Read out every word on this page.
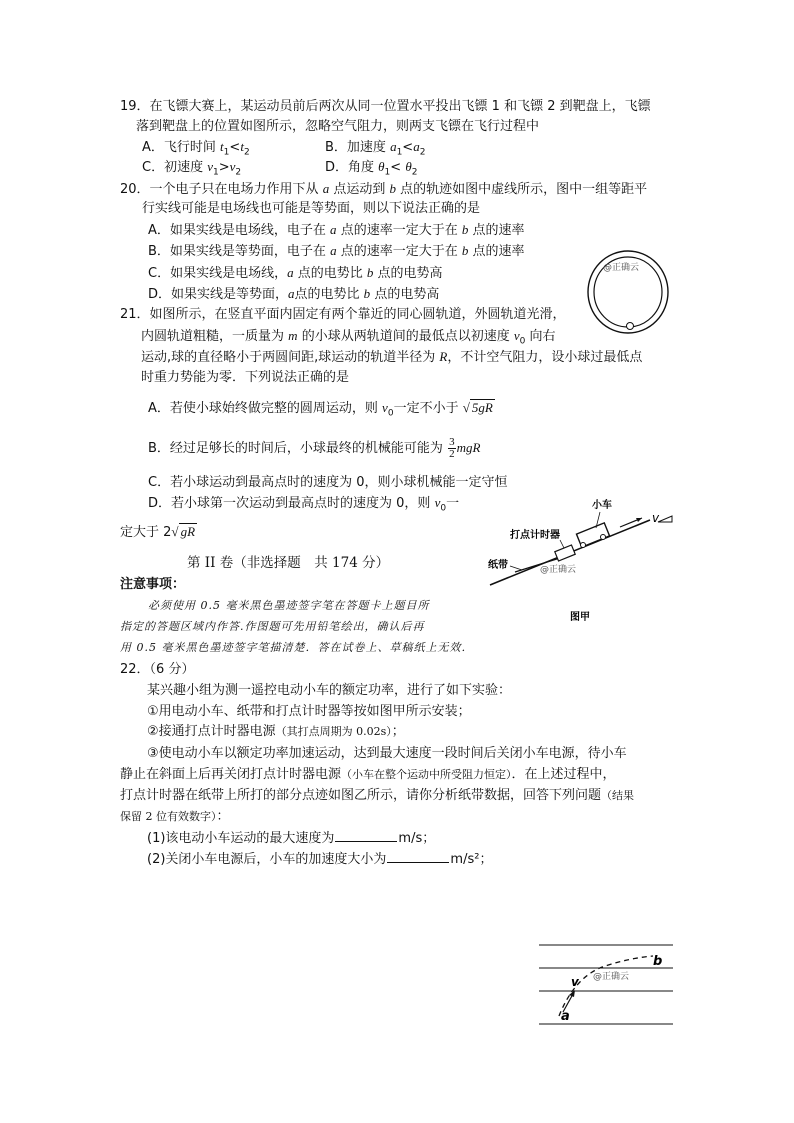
19．在飞镖大赛上，某运动员前后两次从同一位置水平投出飞镖 1 和飞镖 2 到靶盘上，飞镖
落到靶盘上的位置如图所示，忽略空气阻力，则两支飞镖在飞行过程中
A．飞行时间 $t_1<t_2$	B．加速度 $a_1<a_2$
C．初速度 $v_1>v_2$	D．角度 $\theta_1< \theta_2$
20．一个电子只在电场力作用下从 a 点运动到 b 点的轨迹如图中虚线所示，图中一组等距平
行实线可能是电场线也可能是等势面，则以下说法正确的是
A．如果实线是电场线，电子在 a 点的速率一定大于在 b 点的速率
B．如果实线是等势面，电子在 a 点的速率一定大于在 b 点的速率
C．如果实线是电场线，a 点的电势比 b 点的电势高
D．如果实线是等势面，a点的电势比 b 点的电势高
@正确云
21．如图所示，在竖直平面内固定有两个靠近的同心圆轨道，外圆轨道光滑，
内圆轨道粗糙，一质量为 m 的小球从两轨道间的最低点以初速度 $v_0$ 向右
运动,球的直径略小于两圆间距,球运动的轨道半径为 R，不计空气阻力，设小球过最低点
时重力势能为零．下列说法正确的是
A．若使小球始终做完整的圆周运动，则 $v_0$一定不小于 √ 5gR
B．经过足够长的时间后，小球最终的机械能可能为 $\frac{3}{2}$ mgR
C．若小球运动到最高点时的速度为 0，则小球机械能一定守恒
D．若小球第一次运动到最高点时的速度为 0，则 $v_0$一
定大于 2√ gR
v
小车
打点计时器
纸带	@正确云
图甲
第 II 卷（非选择题　共 174 分）
注意事项：
必须使用 0.5 毫米黑色墨迹签字笔在答题卡上题目所
指定的答题区域内作答.作图题可先用铅笔绘出，确认后再
用 0.5 毫米黑色墨迹签字笔描清楚．答在试卷上、草稿纸上无效．
22．（6 分）
某兴趣小组为测一遥控电动小车的额定功率，进行了如下实验：
①用电动小车、纸带和打点计时器等按如图甲所示安装；
②接通打点计时器电源（其打点周期为 0.02s）；
③使电动小车以额定功率加速运动，达到最大速度一段时间后关闭小车电源，待小车
静止在斜面上后再关闭打点计时器电源（小车在整个运动中所受阻力恒定）．在上述过程中，
打点计时器在纸带上所打的部分点迹如图乙所示，请你分析纸带数据，回答下列问题（结果
保留 2 位有效数字）：
(1)该电动小车运动的最大速度为	m/s；
(2)关闭小车电源后，小车的加速度大小为	m/s²；
a
b
v @正确云
